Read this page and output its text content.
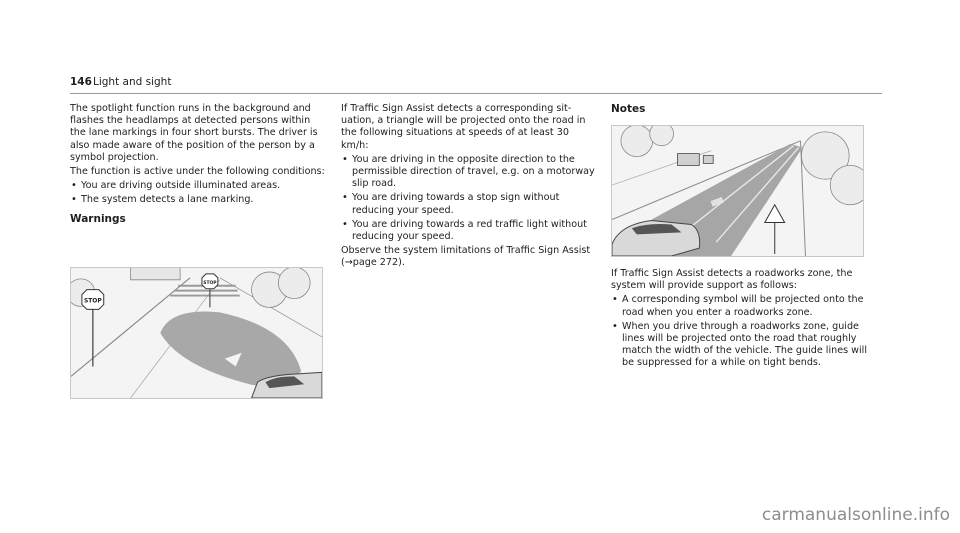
146 Light and sight

The spotlight function runs in the background and flashes the headlamps at detected persons within the lane markings in four short bursts. The driver is also made aware of the position of the person by a symbol projection.

The function is active under the following conditions:

• You are driving outside illuminated areas.
• The system detects a lane marking.
Warnings
STOP
STOP

If Traffic Sign Assist detects a corresponding situation, a triangle will be projected onto the road in the following situations at speeds of at least 30 km/h:

• You are driving in the opposite direction to the permissible direction of travel, e.g. on a motorway slip road.
• You are driving towards a stop sign without reducing your speed.
• You are driving towards a red traffic light without reducing your speed.

Observe the system limitations of Traffic Sign Assist (→page 272).

Notes

If Traffic Sign Assist detects a roadworks zone, the system will provide support as follows:

• A corresponding symbol will be projected onto the road when you enter a roadworks zone.
• When you drive through a roadworks zone, guide lines will be projected onto the road that roughly match the width of the vehicle. The guide lines will be suppressed for a while on tight bends.
carmanualsonline.info
